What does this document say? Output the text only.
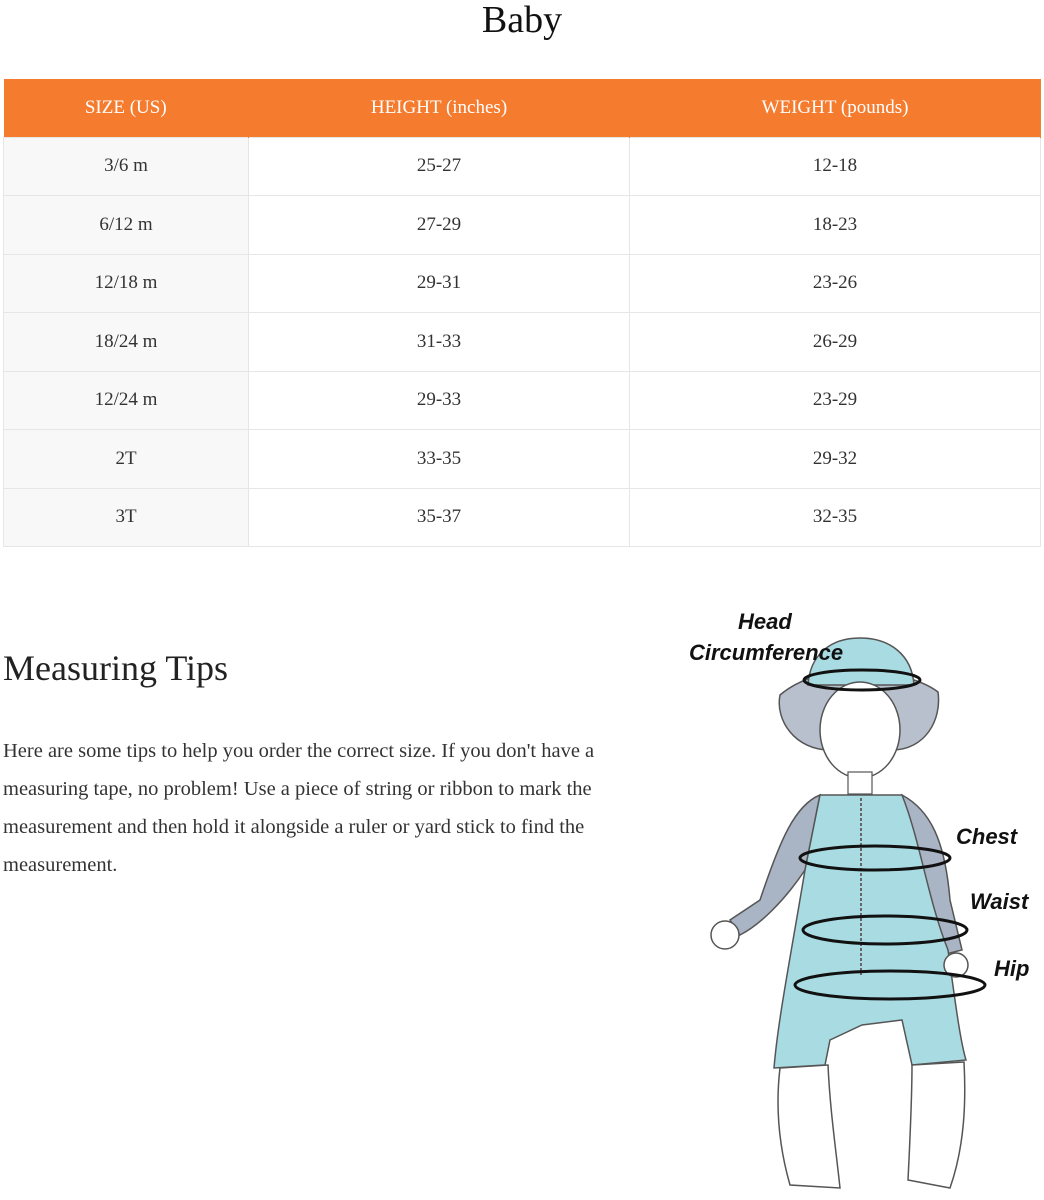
Baby
SIZE (US)	HEIGHT (inches)	WEIGHT (pounds)
3/6 m	25-27	12-18
6/12 m	27-29	18-23
12/18 m	29-31	23-26
18/24 m	31-33	26-29
12/24 m	29-33	23-29
2T	33-35	29-32
3T	35-37	32-35
Measuring Tips

Here are some tips to help you order the correct size. If you don't have a measuring tape, no problem! Use a piece of string or ribbon to mark the measurement and then hold it alongside a ruler or yard stick to find the measurement.

Head
Circumference
Chest
Waist
Hip
